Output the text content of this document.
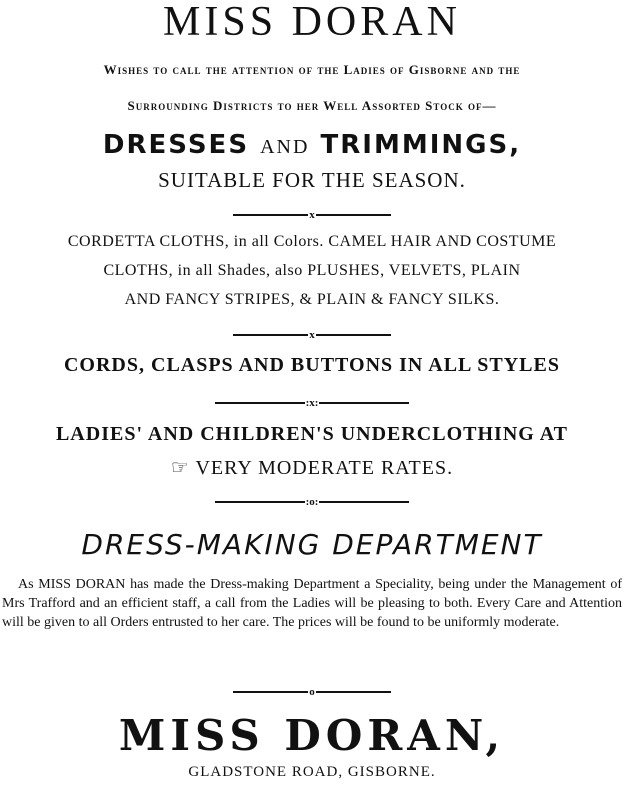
MISS DORAN
Wishes to call the attention of the Ladies of Gisborne and the
Surrounding Districts to her Well Assorted Stock of—
DRESSES AND TRIMMINGS,
SUITABLE FOR THE SEASON.
x
CORDETTA CLOTHS, in all Colors. CAMEL HAIR AND COSTUME
CLOTHS, in all Shades, also PLUSHES, VELVETS, PLAIN
AND FANCY STRIPES, & PLAIN & FANCY SILKS.
x
CORDS, CLASPS AND BUTTONS IN ALL STYLES
:x:
LADIES' AND CHILDREN'S UNDERCLOTHING AT
☞ VERY MODERATE RATES.
:o:
DRESS-MAKING DEPARTMENT
As MISS DORAN has made the Dress-making Department a Speciality, being under the Management of Mrs Trafford and an efficient staff, a call from the Ladies will be pleasing to both. Every Care and Attention will be given to all Orders entrusted to her care. The prices will be found to be uniformly moderate.
o
MISS DORAN,
GLADSTONE ROAD, GISBORNE.
